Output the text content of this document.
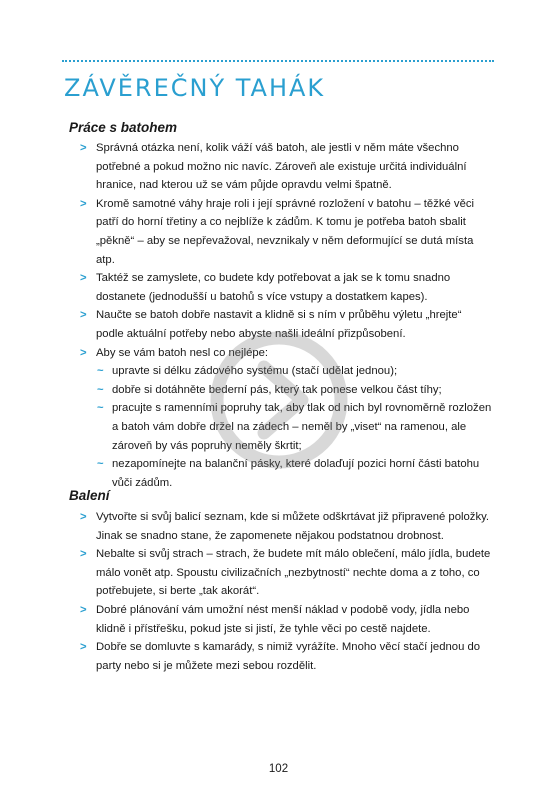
ZÁVĚREČNÝ TAHÁK
Práce s batohem
> Správná otázka není, kolik váží váš batoh, ale jestli v něm máte všechno potřebné a pokud možno nic navíc. Zároveň ale existuje určitá individuální hranice, nad kterou už se vám půjde opravdu velmi špatně.
> Kromě samotné váhy hraje roli i její správné rozložení v batohu – těžké věci patří do horní třetiny a co nejblíže k zádům. K tomu je potřeba batoh sbalit „pěkně“ – aby se nepřevažoval, nevznikaly v něm deformující se dutá místa atp.
> Taktéž se zamyslete, co budete kdy potřebovat a jak se k tomu snadno dostanete (jednodušší u batohů s více vstupy a dostatkem kapes).
> Naučte se batoh dobře nastavit a klidně si s ním v průběhu výletu „hrejte“ podle aktuální potřeby nebo abyste našli ideální přizpůsobení.
> Aby se vám batoh nesl co nejlépe:
~ upravte si délku zádového systému (stačí udělat jednou);
~ dobře si dotáhněte bederní pás, který tak ponese velkou část tíhy;
~ pracujte s ramenními popruhy tak, aby tlak od nich byl rovnoměrně rozložen a batoh vám dobře držel na zádech – neměl by „viset“ na ramenou, ale zároveň by vás popruhy neměly škrtit;
~ nezapomínejte na balanční pásky, které dolaďují pozici horní části batohu vůči zádům.
Balení
> Vytvořte si svůj balicí seznam, kde si můžete odškrtávat již připravené položky. Jinak se snadno stane, že zapomenete nějakou podstatnou drobnost.
> Nebalte si svůj strach – strach, že budete mít málo oblečení, málo jídla, budete málo vonět atp. Spoustu civilizačních „nezbytností“ nechte doma a z toho, co potřebujete, si berte „tak akorát“.
> Dobré plánování vám umožní nést menší náklad v podobě vody, jídla nebo klidně i přístřešku, pokud jste si jistí, že tyhle věci po cestě najdete.
> Dobře se domluvte s kamarády, s nimiž vyrážíte. Mnoho věcí stačí jednou do party nebo si je můžete mezi sebou rozdělit.
102
